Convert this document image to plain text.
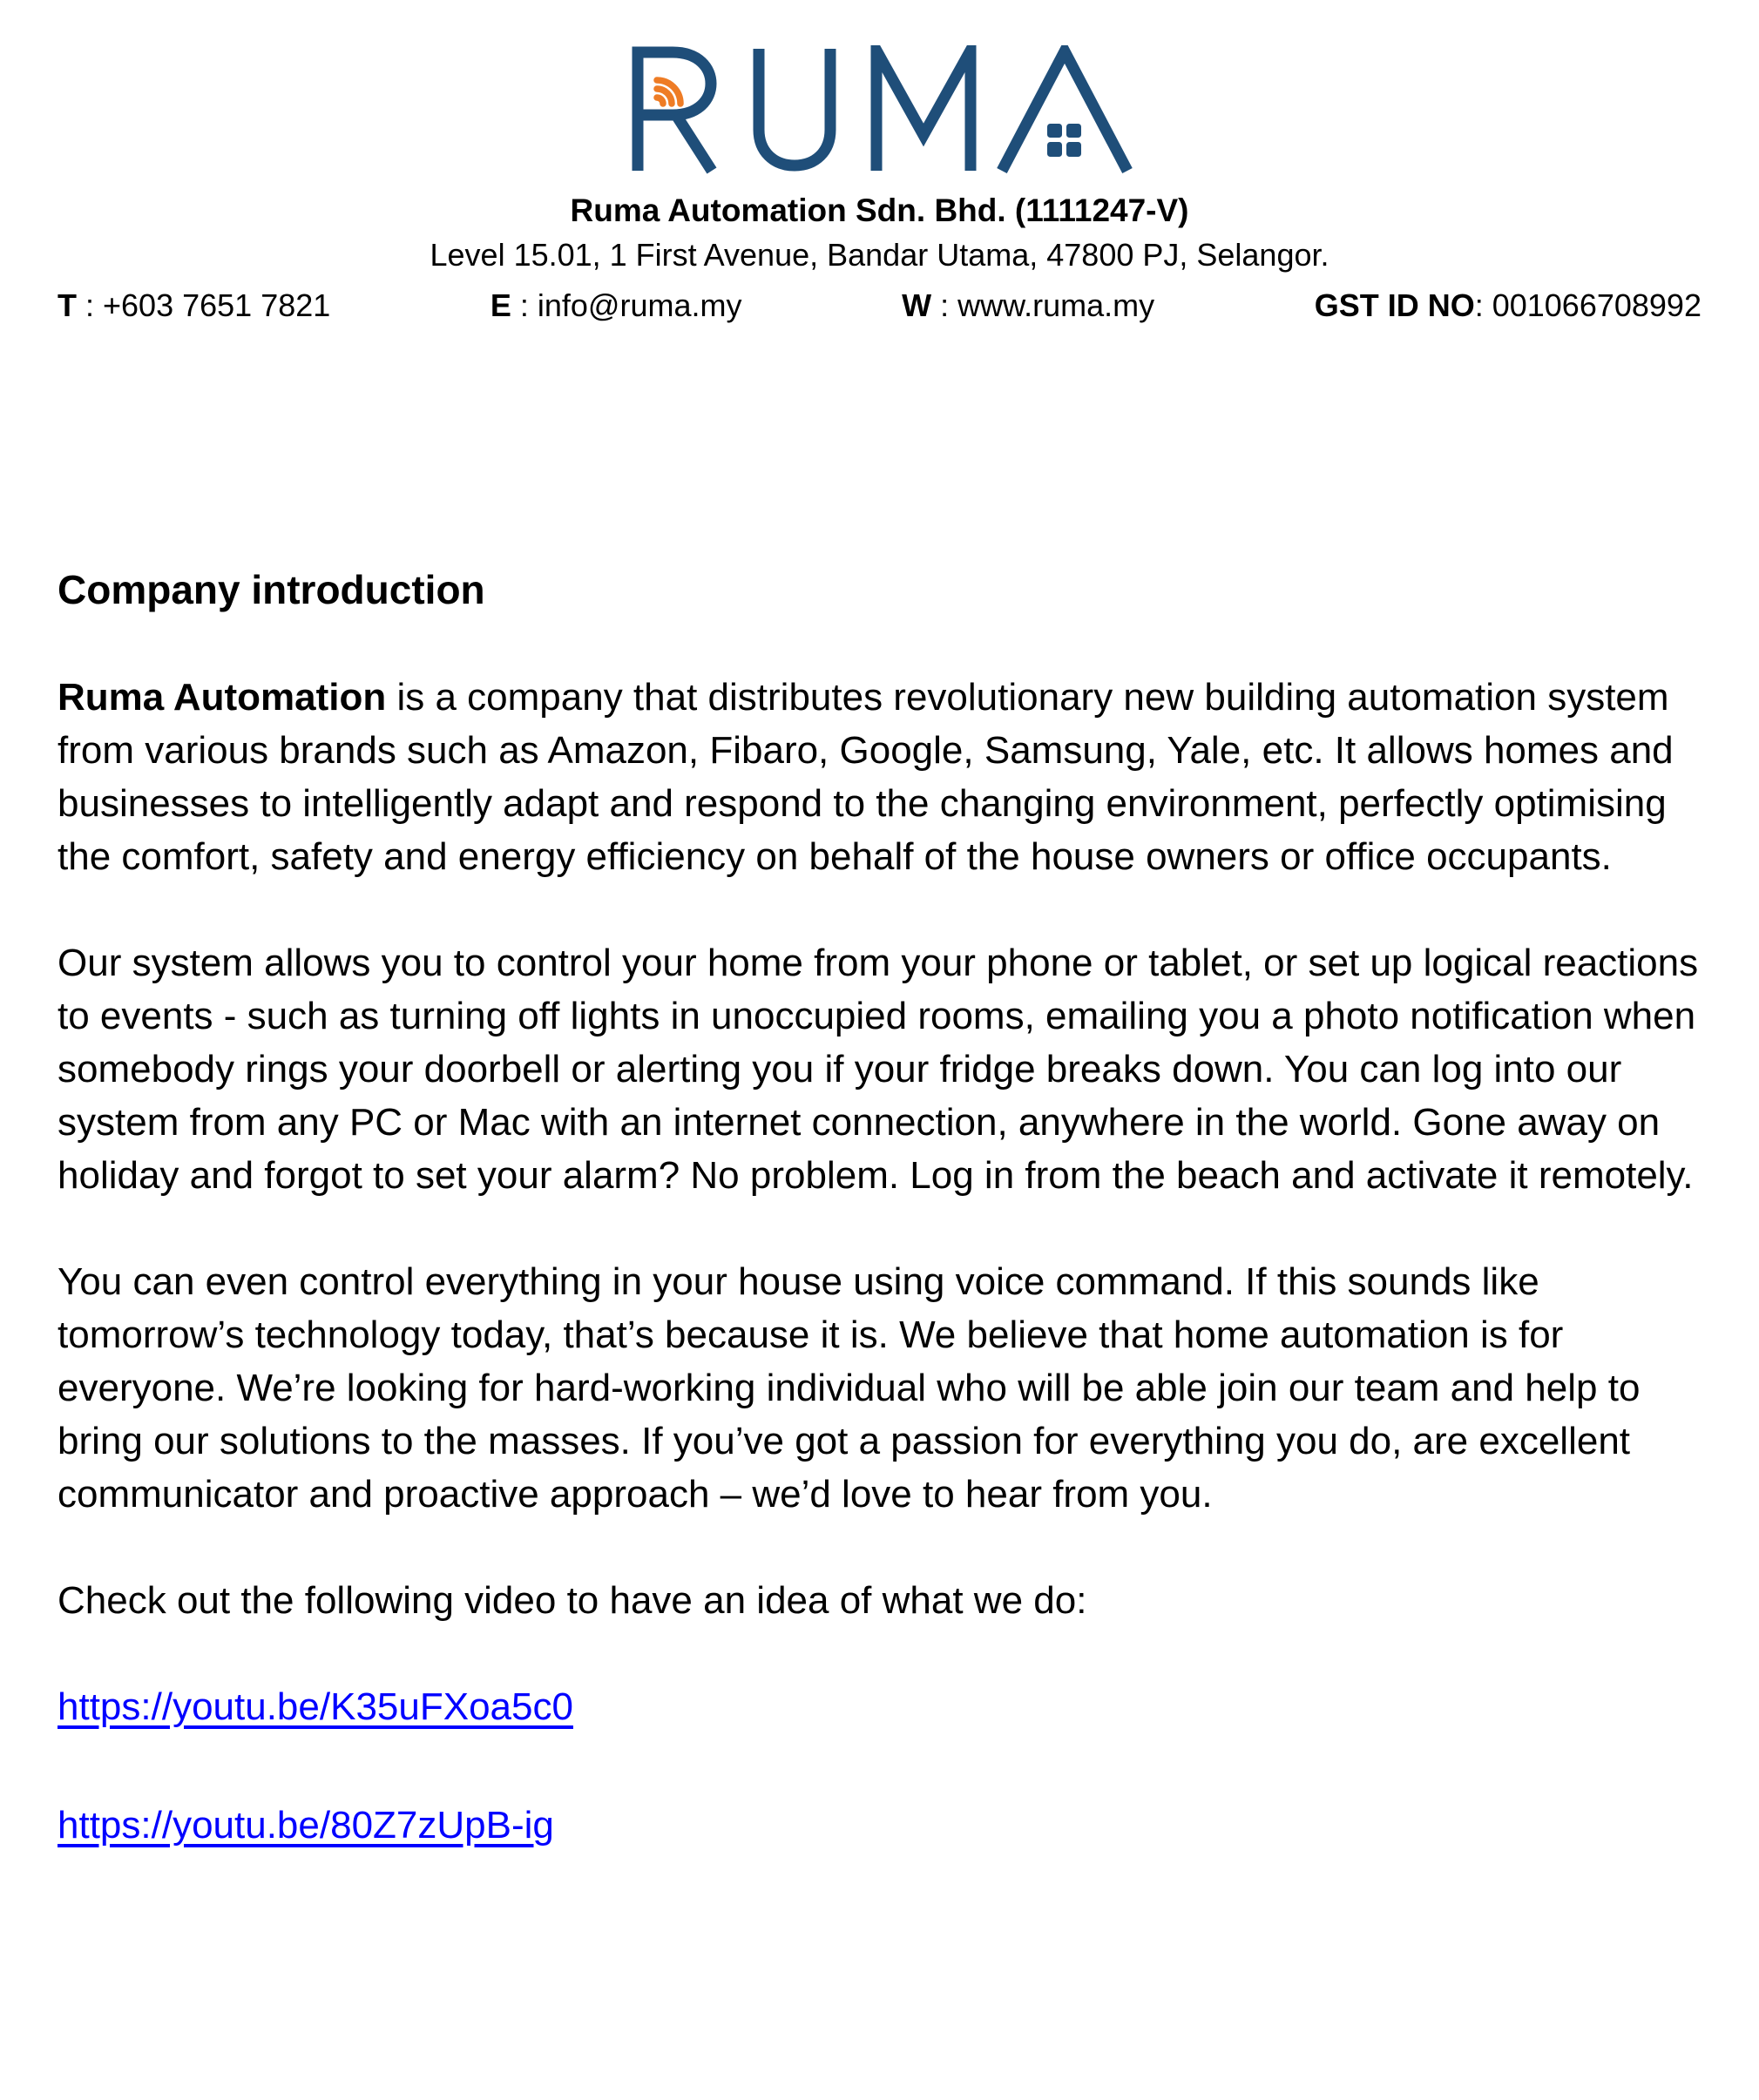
Ruma Automation Sdn. Bhd. (1111247-V)
Level 15.01, 1 First Avenue, Bandar Utama, 47800 PJ, Selangor.
T : +603 7651 7821	E : info@ruma.my	W : www.ruma.my	GST ID NO: 001066708992
Company introduction

Ruma Automation is a company that distributes revolutionary new building automation system from various brands such as Amazon, Fibaro, Google, Samsung, Yale, etc. It allows homes and businesses to intelligently adapt and respond to the changing environment, perfectly optimising the comfort, safety and energy efficiency on behalf of the house owners or office occupants.

Our system allows you to control your home from your phone or tablet, or set up logical reactions to events - such as turning off lights in unoccupied rooms, emailing you a photo notification when somebody rings your doorbell or alerting you if your fridge breaks down. You can log into our system from any PC or Mac with an internet connection, anywhere in the world. Gone away on holiday and forgot to set your alarm? No problem. Log in from the beach and activate it remotely.

You can even control everything in your house using voice command. If this sounds like tomorrow’s technology today, that’s because it is. We believe that home automation is for everyone. We’re looking for hard-working individual who will be able join our team and help to bring our solutions to the masses. If you’ve got a passion for everything you do, are excellent communicator and proactive approach – we’d love to hear from you.

Check out the following video to have an idea of what we do:

https://youtu.be/K35uFXoa5c0

https://youtu.be/80Z7zUpB-ig
